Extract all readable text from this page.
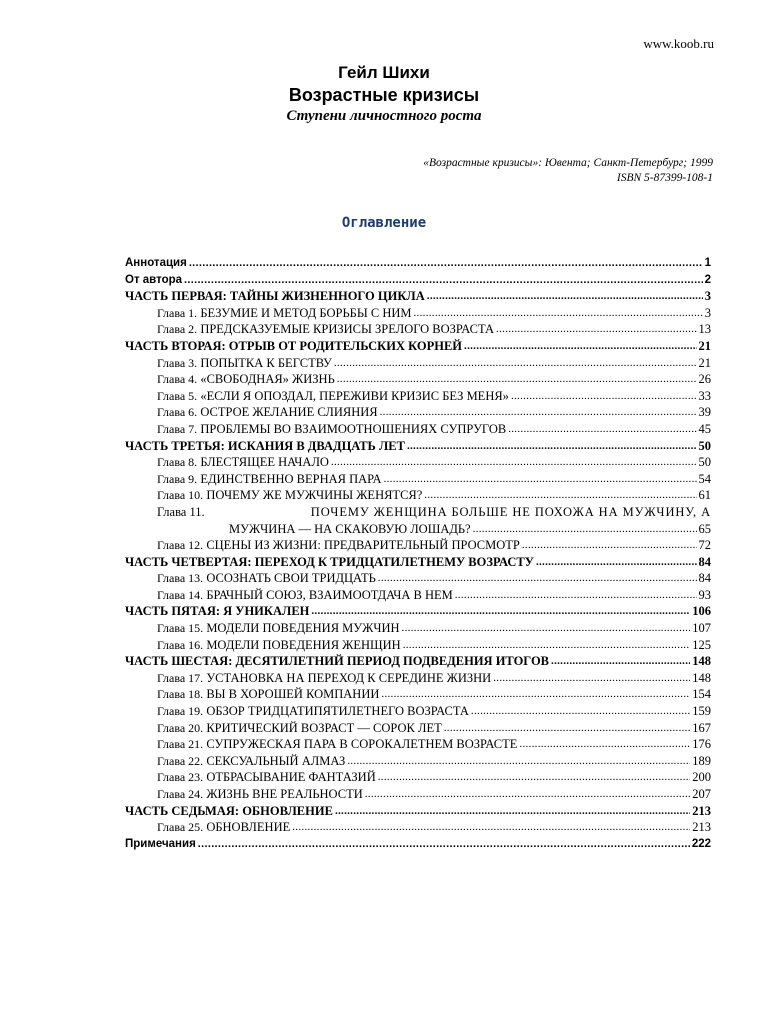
www.koob.ru
Гейл Шихи
Возрастные кризисы
Ступени личностного роста
«Возрастные кризисы»: Ювента; Санкт-Петербург; 1999
ISBN 5-87399-108-1
Оглавление
Аннотация .....	1
От автора .....	2
ЧАСТЬ ПЕРВАЯ: ТАЙНЫ ЖИЗНЕННОГО ЦИКЛА .....	3
Глава 1. БЕЗУМИЕ И МЕТОД БОРЬБЫ С НИМ .....	3
Глава 2. ПРЕДСКАЗУЕМЫЕ КРИЗИСЫ ЗРЕЛОГО ВОЗРАСТА .....	13
ЧАСТЬ ВТОРАЯ: ОТРЫВ ОТ РОДИТЕЛЬСКИХ КОРНЕЙ .....	21
Глава 3. ПОПЫТКА К БЕГСТВУ .....	21
Глава 4. «СВОБОДНАЯ» ЖИЗНЬ .....	26
Глава 5. «ЕСЛИ Я ОПОЗДАЛ, ПЕРЕЖИВИ КРИЗИС БЕЗ МЕНЯ» .....	33
Глава 6. ОСТРОЕ ЖЕЛАНИЕ СЛИЯНИЯ .....	39
Глава 7. ПРОБЛЕМЫ ВО ВЗАИМООТНОШЕНИЯХ СУПРУГОВ .....	45
ЧАСТЬ ТРЕТЬЯ: ИСКАНИЯ В ДВАДЦАТЬ ЛЕТ .....	50
Глава 8. БЛЕСТЯЩЕЕ НАЧАЛО .....	50
Глава 9. ЕДИНСТВЕННО ВЕРНАЯ ПАРА .....	54
Глава 10. ПОЧЕМУ ЖЕ МУЖЧИНЫ ЖЕНЯТСЯ? .....	61
Глава 11.	ПОЧЕМУ ЖЕНЩИНА БОЛЬШЕ НЕ ПОХОЖА НА МУЖЧИНУ, А
МУЖЧИНА — НА СКАКОВУЮ ЛОШАДЬ? .....	65
Глава 12. СЦЕНЫ ИЗ ЖИЗНИ: ПРЕДВАРИТЕЛЬНЫЙ ПРОСМОТР .....	72
ЧАСТЬ ЧЕТВЕРТАЯ: ПЕРЕХОД К ТРИДЦАТИЛЕТНЕМУ ВОЗРАСТУ .....	84
Глава 13. ОСОЗНАТЬ СВОИ ТРИДЦАТЬ .....	84
Глава 14. БРАЧНЫЙ СОЮЗ, ВЗАИМООТДАЧА В НЕМ .....	93
ЧАСТЬ ПЯТАЯ: Я УНИКАЛЕН .....	106
Глава 15. МОДЕЛИ ПОВЕДЕНИЯ МУЖЧИН .....	107
Глава 16. МОДЕЛИ ПОВЕДЕНИЯ ЖЕНЩИН .....	125
ЧАСТЬ ШЕСТАЯ: ДЕСЯТИЛЕТНИЙ ПЕРИОД ПОДВЕДЕНИЯ ИТОГОВ .....	148
Глава 17. УСТАНОВКА НА ПЕРЕХОД К СЕРЕДИНЕ ЖИЗНИ .....	148
Глава 18. ВЫ В ХОРОШЕЙ КОМПАНИИ .....	154
Глава 19. ОБЗОР ТРИДЦАТИПЯТИЛЕТНЕГО ВОЗРАСТА .....	159
Глава 20. КРИТИЧЕСКИЙ ВОЗРАСТ — СОРОК ЛЕТ .....	167
Глава 21. СУПРУЖЕСКАЯ ПАРА В СОРОКАЛЕТНЕМ ВОЗРАСТЕ .....	176
Глава 22. СЕКСУАЛЬНЫЙ АЛМАЗ .....	189
Глава 23. ОТБРАСЫВАНИЕ ФАНТАЗИЙ .....	200
Глава 24. ЖИЗНЬ ВНЕ РЕАЛЬНОСТИ .....	207
ЧАСТЬ СЕДЬМАЯ: ОБНОВЛЕНИЕ .....	213
Глава 25. ОБНОВЛЕНИЕ .....	213
Примечания .....	222
